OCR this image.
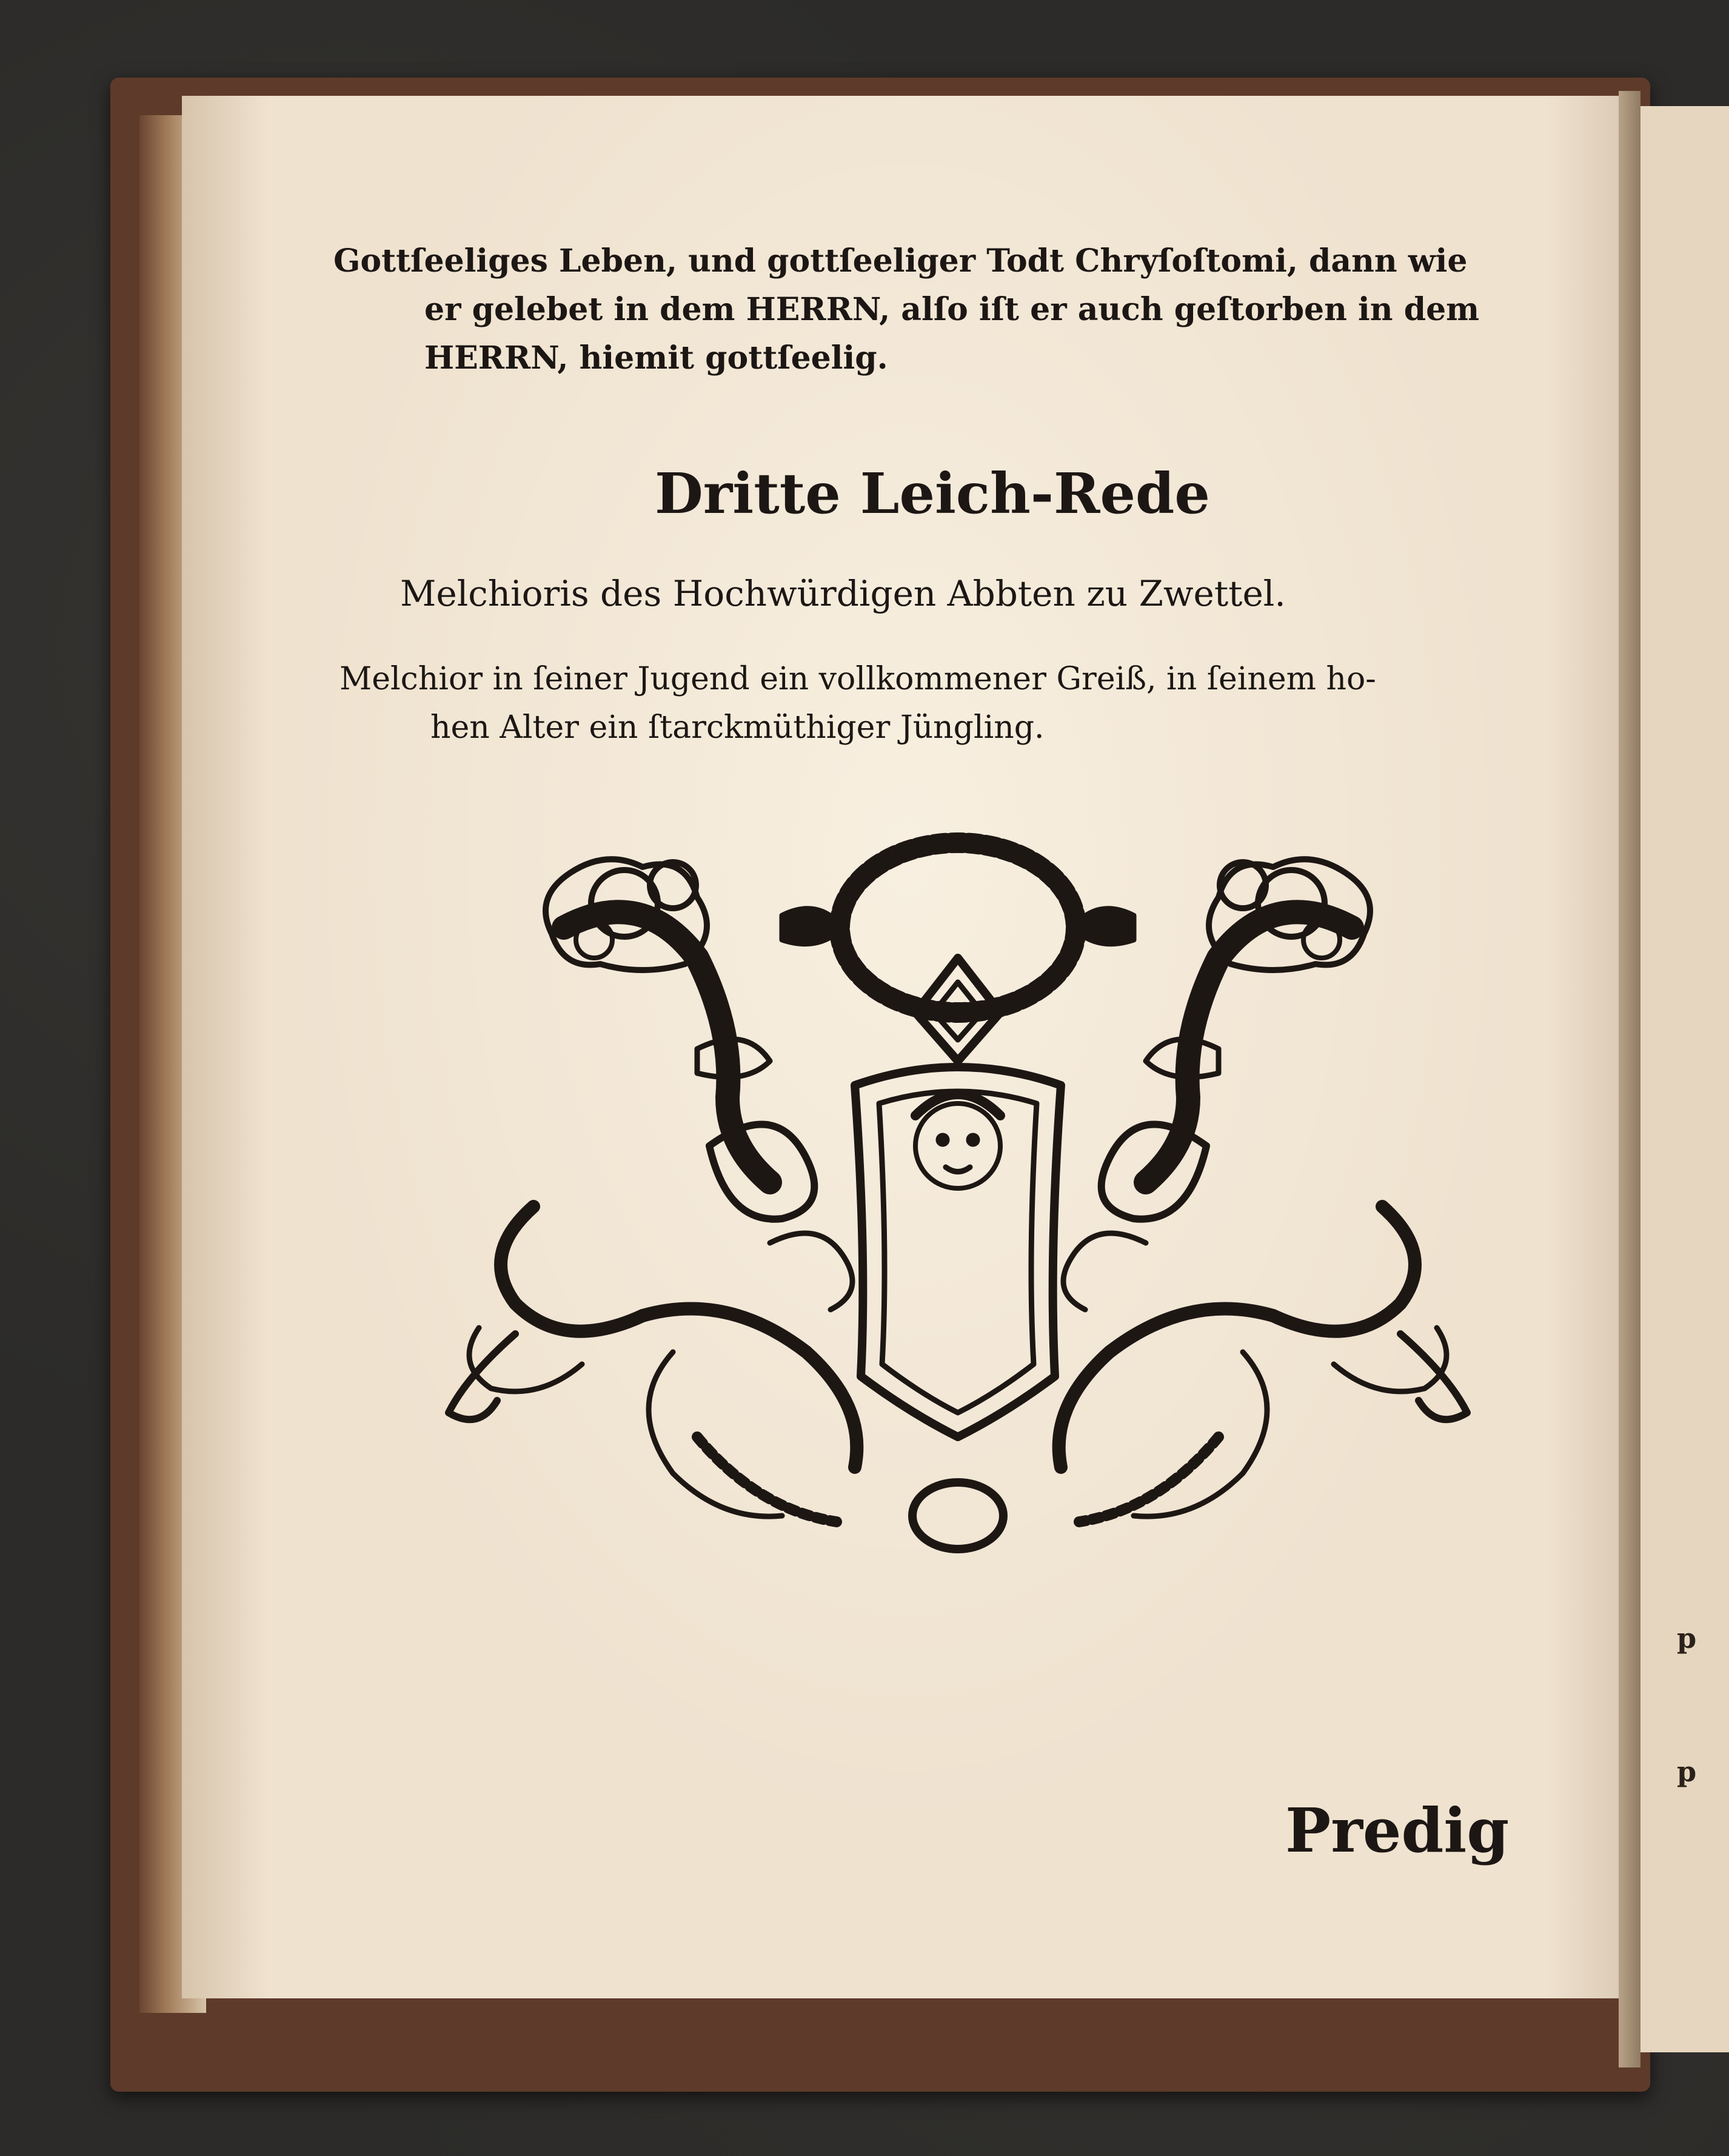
p
p
Gottſeeliges Leben, und gottſeeliger Todt Chryſoſtomi, dann wie
er gelebet in dem HERRN, alſo iſt er auch geſtorben in dem
HERRN, hiemit gottſeelig.
Dritte Leich-Rede
Melchioris des Hochwürdigen Abbten zu Zwettel.
Melchior in ſeiner Jugend ein vollkommener Greiß, in ſeinem ho-
hen Alter ein ſtarckmüthiger Jüngling.
Predig
